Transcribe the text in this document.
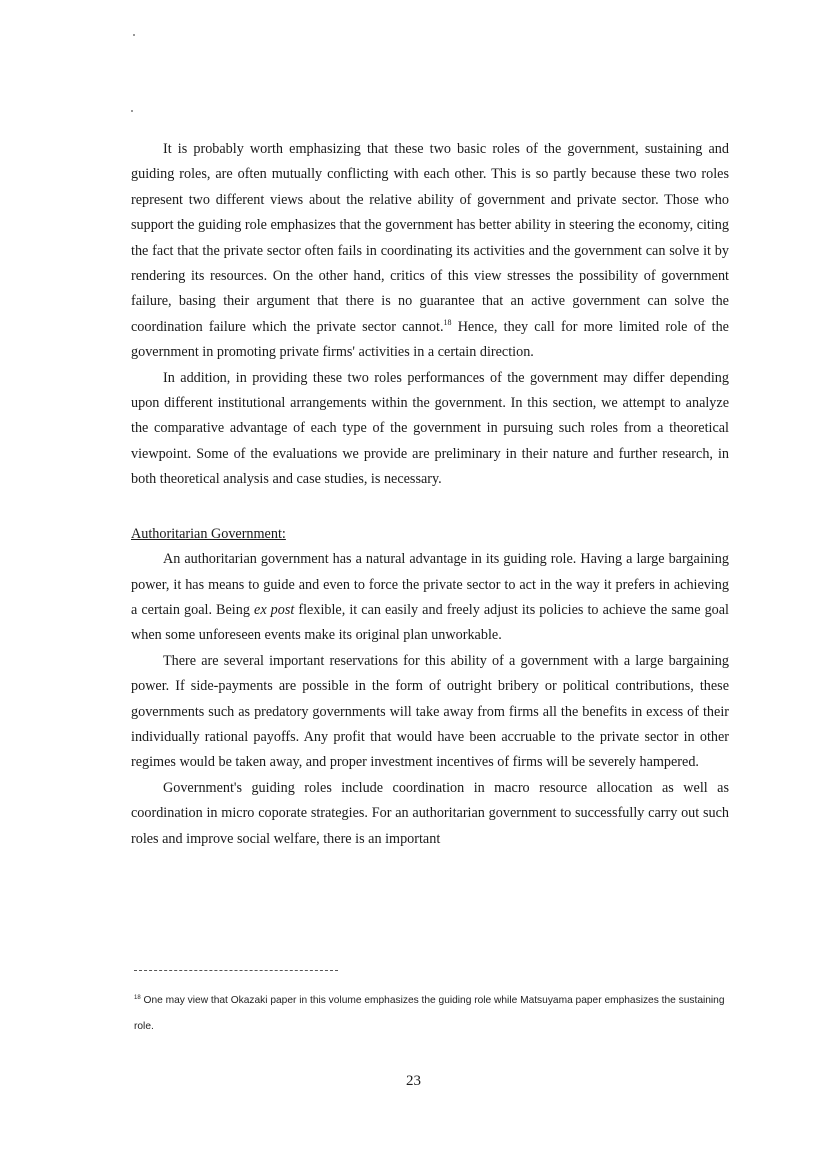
It is probably worth emphasizing that these two basic roles of the government, sustaining and guiding roles, are often mutually conflicting with each other. This is so partly because these two roles represent two different views about the relative ability of government and private sector. Those who support the guiding role emphasizes that the government has better ability in steering the economy, citing the fact that the private sector often fails in coordinating its activities and the government can solve it by rendering its resources. On the other hand, critics of this view stresses the possibility of government failure, basing their argument that there is no guarantee that an active government can solve the coordination failure which the private sector cannot.$^{18}$ Hence, they call for more limited role of the government in promoting private firms' activities in a certain direction.

In addition, in providing these two roles performances of the government may differ depending upon different institutional arrangements within the government. In this section, we attempt to analyze the comparative advantage of each type of the government in pursuing such roles from a theoretical viewpoint. Some of the evaluations we provide are preliminary in their nature and further research, in both theoretical analysis and case studies, is necessary.

Authoritarian Government:

An authoritarian government has a natural advantage in its guiding role. Having a large bargaining power, it has means to guide and even to force the private sector to act in the way it prefers in achieving a certain goal. Being ex post flexible, it can easily and freely adjust its policies to achieve the same goal when some unforeseen events make its original plan unworkable.

There are several important reservations for this ability of a government with a large bargaining power. If side-payments are possible in the form of outright bribery or political contributions, these governments such as predatory governments will take away from firms all the benefits in excess of their individually rational payoffs. Any profit that would have been accruable to the private sector in other regimes would be taken away, and proper investment incentives of firms will be severely hampered.

Government's guiding roles include coordination in macro resource allocation as well as coordination in micro coporate strategies. For an authoritarian government to successfully carry out such roles and improve social welfare, there is an important

$^{18}$ One may view that Okazaki paper in this volume emphasizes the guiding role while Matsuyama paper emphasizes the sustaining role.

23
